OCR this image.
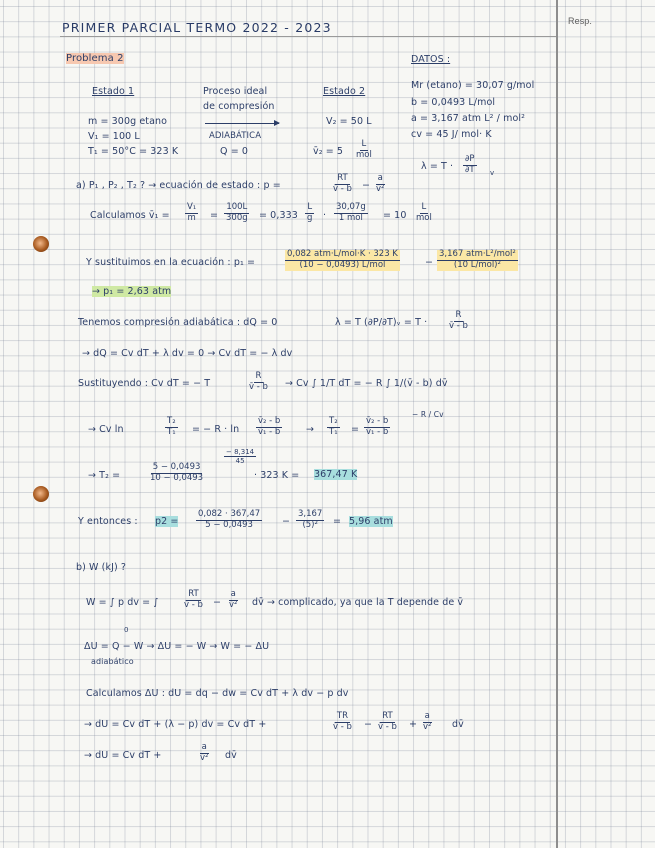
Resp.
PRIMER PARCIAL TERMO 2022 - 2023
Problema 2	DATOS :
Mr (etano) = 30,07 g/mol
b = 0,0493 L/mol
a = 3,167 atm L² / mol²
cv = 45 J/ mol· K
$\lambda = T \cdot \frac{\partial P}{\partial T}$ v
Estado 1
m = 300g etano
V₁ = 100 L
T₁ = 50°C = 323 K
Proceso ideal
de compresión
ADIABÁTICA
Q = 0
Estado 2
V₂ = 50 L
v̄₂ = 5
L
mol
a) P₁ , P₂ , T₂ ? → ecuación de estado : p =	$\frac{RT}{v̄ - b} - \frac{a}{\text{v̄²}}$
Calculamos v̄₁ = $\frac{\text{V₁}}{m} = \frac{100L}{300g} = 0,333 \frac{L}{g}$ ·
30,07g
1 mol = 10
L
mol
Y sustituimos en la ecuación : p₁ =
0,082 atm·L/mol·K · 323 K
(10 − 0,0493) L/mol	−
3,167 atm·L²/mol²
(10 L/mol)²
→ p₁ = 2,63 atm
Tenemos compresión adiabática : dQ = 0	λ = T (∂P/∂T)ᵥ = $T \cdot \frac{R}{v̄ - b}$
→ dQ = Cv dT + λ dv = 0 → Cv dT = − λ dv
Sustituyendo : Cv dT = − T	$\frac{R}{v̄ - b} \to Cv$ ∫ 1/T dT = − R ∫ 1/(v̄ - b) dv̄
→ Cv ln	$\frac{\text{T₂}}{\text{T₁}}$ = − $R \cdot \ln \frac{\text{v̄₂ - b}}{\text{v̄₁ - b}} \to \frac{\text{T₂}}{\text{T₁}} = \frac{\text{v̄₂ - b}}{\text{v̄₁ - b}}$
− R / Cv
→ T₂ =	$\frac{5 - 0,0493}{10 - 0,0493}$
$\frac{- 8,314}{45}$
· 323 K = 367,47 K
Y entonces : $p2 = \frac{0,082 \cdot 367,47}{5 - 0,0493} - \frac{3,167}{\text{(5)²}} = 5,96$ atm
b) W (kJ) ?
W = ∫ p dv = ∫	$\frac{RT}{v̄ - b} - \frac{a}{\text{v̄²}}$ dv̄ → complicado, ya que la T depende de v̄
0
ΔU = Q − W → ΔU = − W → W = − ΔU
adiabático
Calculamos ΔU : dU = dq − dw = Cv dT + λ dv − p dv
→ dU = Cv dT + (λ − p) dv = Cv dT +	$\frac{TR}{v̄ - b} - \frac{RT}{v̄ - b} + \frac{a}{\text{v̄²}}$ dv̄
→ dU = Cv dT +	$\frac{a}{\text{v̄²}}$ dv̄
